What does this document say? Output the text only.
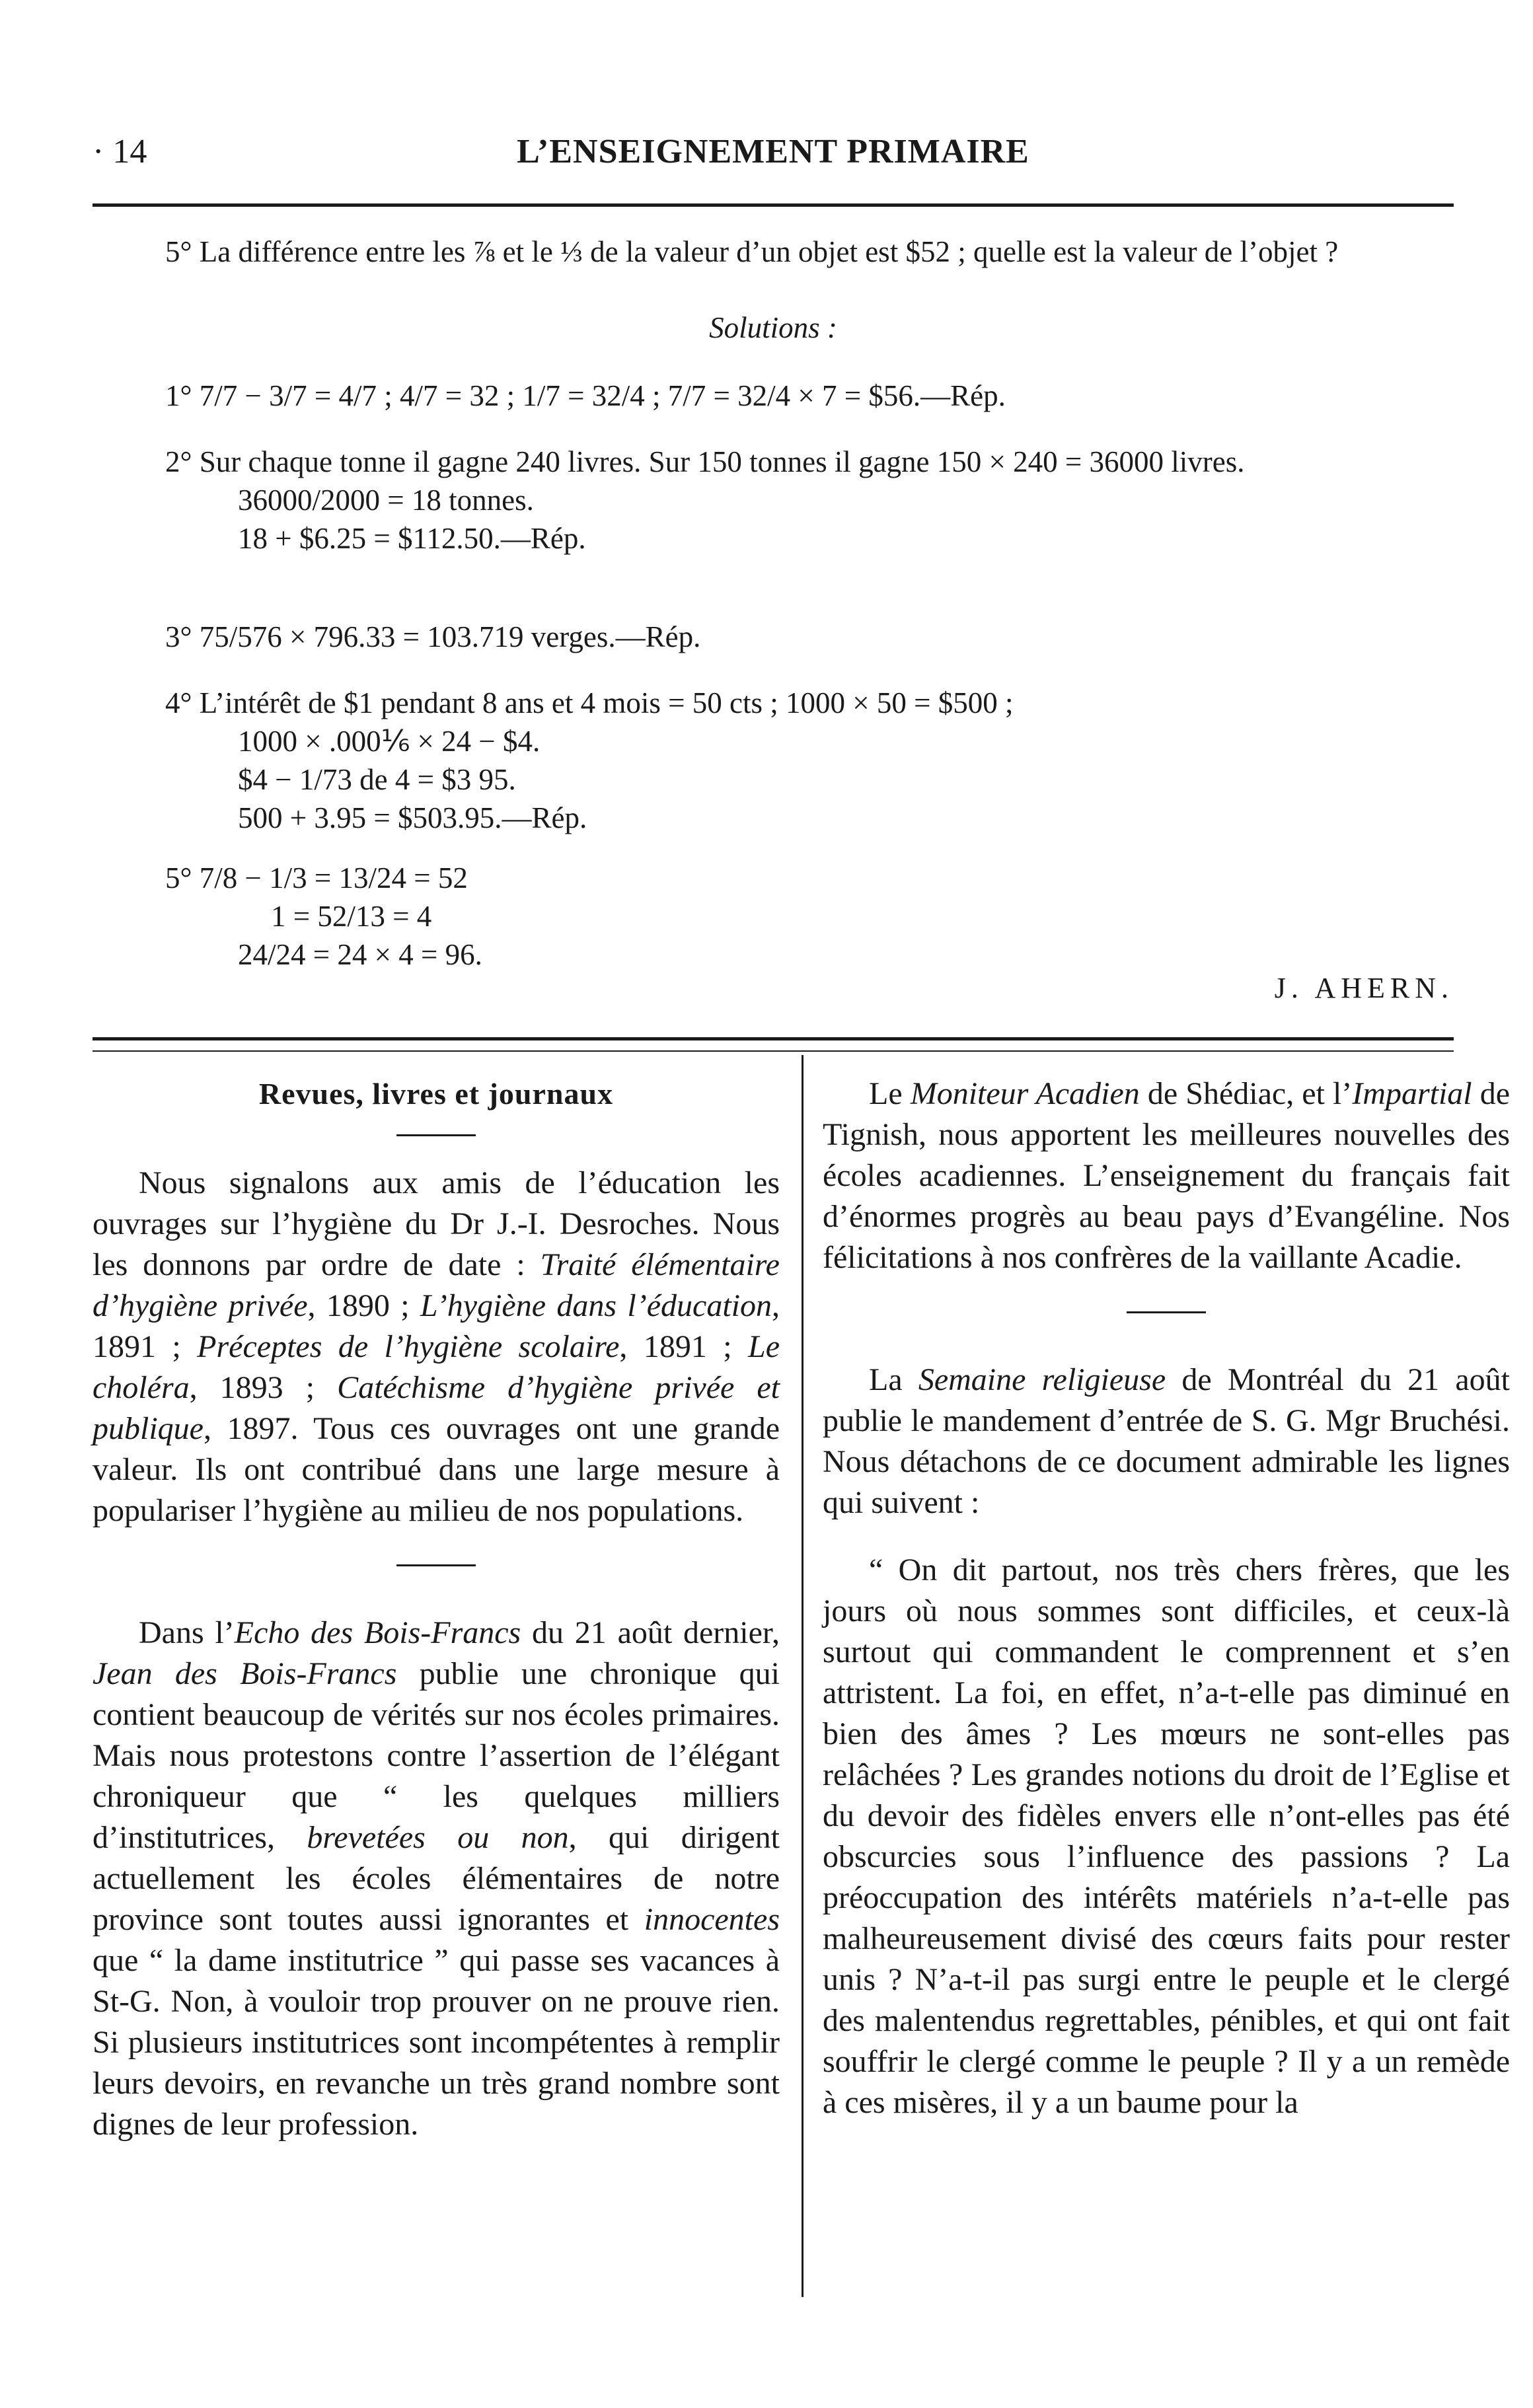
· 14	L’ENSEIGNEMENT PRIMAIRE

5° La différence entre les ⅞ et le ⅓ de la valeur d’un objet est $52 ; quelle est la valeur de l’objet ?

Solutions :
1° 7/7 − 3/7 = 4/7 ; 4/7 = 32 ; 1/7 = 32/4 ; 7/7 = 32/4 × 7 = $56.—Rép.
2° Sur chaque tonne il gagne 240 livres. Sur 150 tonnes il gagne 150 × 240 = 36000 livres.
36000/2000 = 18 tonnes.
18 + $6.25 = $112.50.—Rép.
3° 75/576 × 796.33 = 103.719 verges.—Rép.
4° L’intérêt de $1 pendant 8 ans et 4 mois = 50 cts ; 1000 × 50 = $500 ;
1000 × .000⅙ × 24 − $4.
$4 − 1/73 de 4 = $3 95.
500 + 3.95 = $503.95.—Rép.
5° 7/8 − 1/3 = 13/24 = 52
1 = 52/13 = 4
24/24 = 24 × 4 = 96.
J. AHERN.
Revues, livres et journaux

Nous signalons aux amis de l’éducation les ouvrages sur l’hygiène du Dr J.-I. Desroches. Nous les donnons par ordre de date : Traité élémentaire d’hygiène privée, 1890 ; L’hygiène dans l’éducation, 1891 ; Préceptes de l’hygiène scolaire, 1891 ; Le choléra, 1893 ; Catéchisme d’hygiène privée et publique, 1897. Tous ces ouvrages ont une grande valeur. Ils ont contribué dans une large mesure à populariser l’hygiène au milieu de nos populations.

Dans l’Echo des Bois-Francs du 21 août dernier, Jean des Bois-Francs publie une chronique qui contient beaucoup de vérités sur nos écoles primaires. Mais nous protestons contre l’assertion de l’élégant chroniqueur que “ les quelques milliers d’institutrices, brevetées ou non, qui dirigent actuellement les écoles élémentaires de notre province sont toutes aussi ignorantes et innocentes que “ la dame institutrice ” qui passe ses vacances à St-G. Non, à vouloir trop prouver on ne prouve rien. Si plusieurs institutrices sont incompétentes à remplir leurs devoirs, en revanche un très grand nombre sont dignes de leur profession.

Le Moniteur Acadien de Shédiac, et l’Impartial de Tignish, nous apportent les meilleures nouvelles des écoles acadiennes. L’enseignement du français fait d’énormes progrès au beau pays d’Evangéline. Nos félicitations à nos confrères de la vaillante Acadie.

La Semaine religieuse de Montréal du 21 août publie le mandement d’entrée de S. G. Mgr Bruchési. Nous détachons de ce document admirable les lignes qui suivent :

“ On dit partout, nos très chers frères, que les jours où nous sommes sont difficiles, et ceux-là surtout qui commandent le comprennent et s’en attristent. La foi, en effet, n’a-t-elle pas diminué en bien des âmes ? Les mœurs ne sont-elles pas relâchées ? Les grandes notions du droit de l’Eglise et du devoir des fidèles envers elle n’ont-elles pas été obscurcies sous l’influence des passions ? La préoccupation des intérêts matériels n’a-t-elle pas malheureusement divisé des cœurs faits pour rester unis ? N’a-t-il pas surgi entre le peuple et le clergé des malentendus regrettables, pénibles, et qui ont fait souffrir le clergé comme le peuple ? Il y a un remède à ces misères, il y a un baume pour la
